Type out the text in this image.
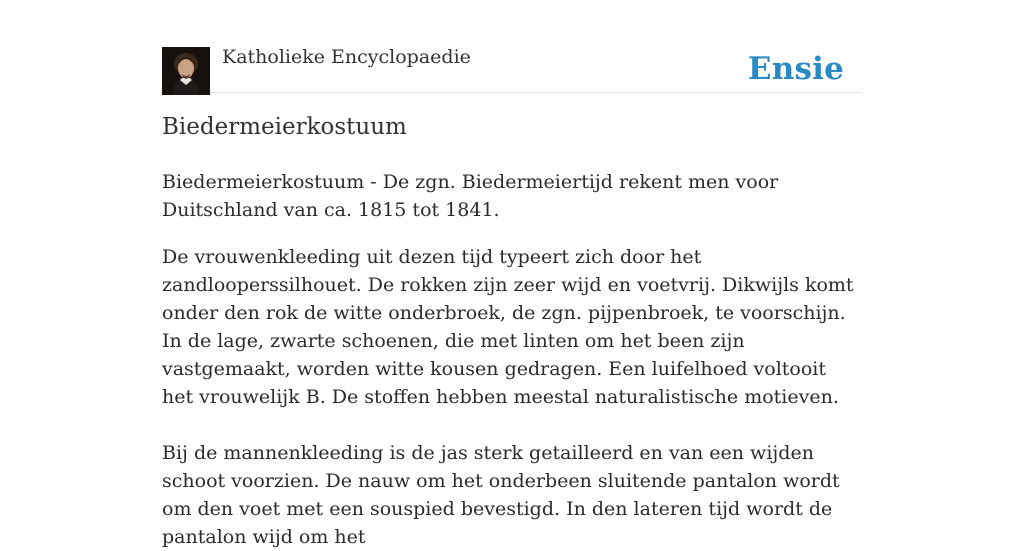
Katholieke Encyclopaedie	Ensie
Biedermeierkostuum

Biedermeierkostuum - De zgn. Biedermeiertijd rekent men voor Duitschland van ca. 1815 tot 1841.

De vrouwenkleeding uit dezen tijd typeert zich door het zandlooperssilhouet. De rokken zijn zeer wijd en voetvrij. Dikwijls komt onder den rok de witte onderbroek, de zgn. pijpenbroek, te voorschijn. In de lage, zwarte schoenen, die met linten om het been zijn vastgemaakt, worden witte kousen gedragen. Een luifelhoed voltooit het vrouwelijk B. De stoffen hebben meestal naturalistische motieven.

Bij de mannenkleeding is de jas sterk getailleerd en van een wijden schoot voorzien. De nauw om het onderbeen sluitende pantalon wordt om den voet met een souspied bevestigd. In den lateren tijd wordt de pantalon wijd om het
